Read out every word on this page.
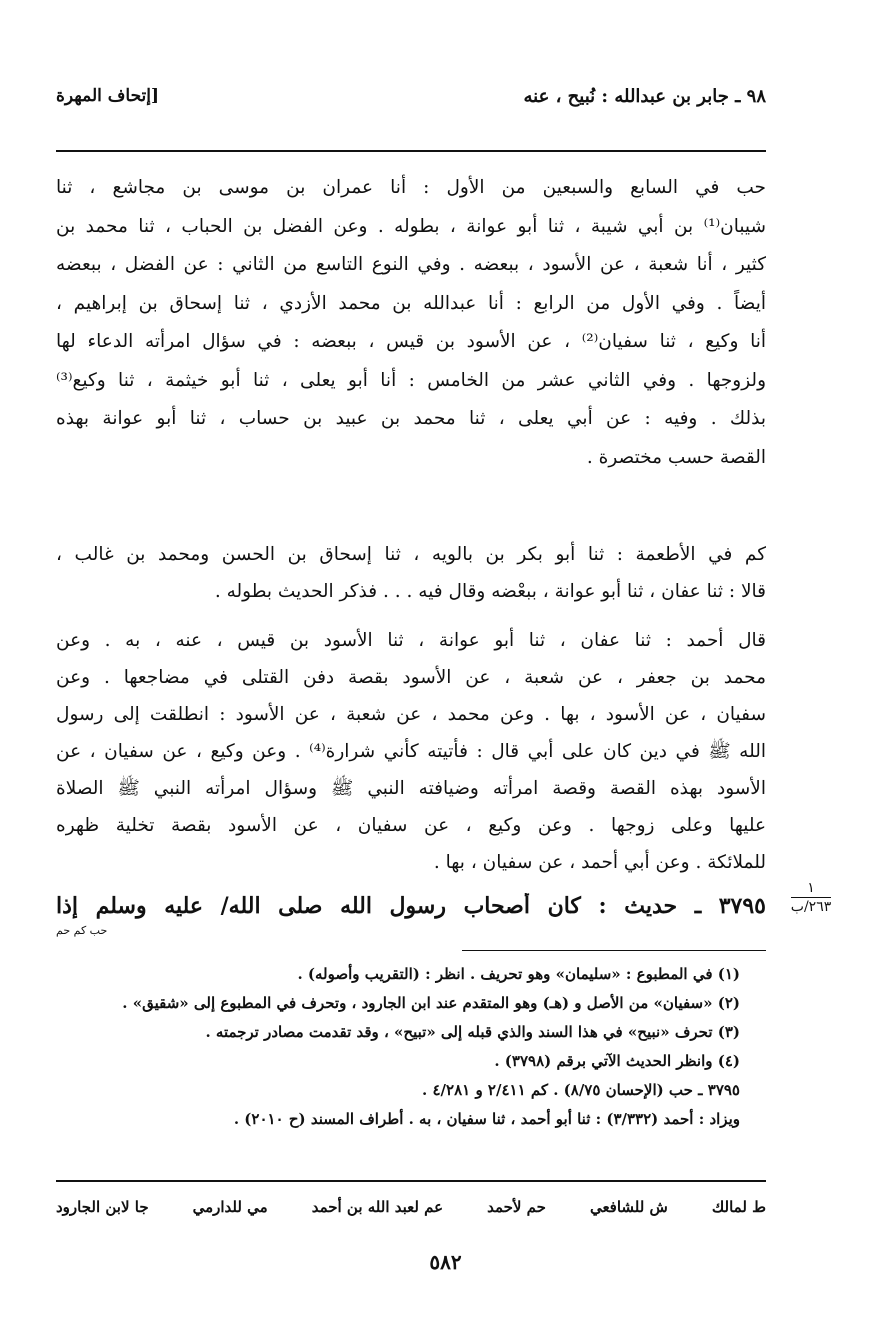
٩٨ ـ جابر بن عبدالله : نُبيح ، عنه
[إتحاف المهرة

حب في السابع والسبعين من الأول : أنا عمران بن موسى بن مجاشع ، ثنا

شيبان⁽¹⁾ بن أبي شيبة ، ثنا أبو عوانة ، بطوله . وعن الفضل بن الحباب ، ثنا محمد بن

كثير ، أنا شعبة ، عن الأسود ، ببعضه . وفي النوع التاسع من الثاني : عن الفضل ، ببعضه

أيضاً . وفي الأول من الرابع : أنا عبدالله بن محمد الأزدي ، ثنا إسحاق بن إبراهيم ،

أنا وكيع ، ثنا سفيان⁽²⁾ ، عن الأسود بن قيس ، ببعضه : في سؤال امرأته الدعاء لها

ولزوجها . وفي الثاني عشر من الخامس : أنا أبو يعلى ، ثنا أبو خيثمة ، ثنا وكيع⁽³⁾

بذلك . وفيه : عن أبي يعلى ، ثنا محمد بن عبيد بن حساب ، ثنا أبو عوانة بهذه

القصة حسب مختصرة .

كم في الأطعمة : ثنا أبو بكر بن بالويه ، ثنا إسحاق بن الحسن ومحمد بن غالب ،

قالا : ثنا عفان ، ثنا أبو عوانة ، ببعْضه وقال فيه . . . فذكر الحديث بطوله .

قال أحمد : ثنا عفان ، ثنا أبو عوانة ، ثنا الأسود بن قيس ، عنه ، به . وعن

محمد بن جعفر ، عن شعبة ، عن الأسود بقصة دفن القتلى في مضاجعها . وعن

سفيان ، عن الأسود ، بها . وعن محمد ، عن شعبة ، عن الأسود : انطلقت إلى رسول

الله ﷺ في دين كان على أبي قال : فأتيته كأني شرارة⁽⁴⁾ . وعن وكيع ، عن سفيان ، عن

الأسود بهذه القصة وقصة امرأته وضيافته النبي ﷺ وسؤال امرأته النبي ﷺ الصلاة

عليها وعلى زوجها . وعن وكيع ، عن سفيان ، عن الأسود بقصة تخلية ظهره

للملائكة . وعن أبي أحمد ، عن سفيان ، بها .

٣٧٩٥ ـ حديث : كان أصحاب رسول الله صلى الله/ عليه وسلم إذا
حب كم حم
١
٢٦٣/ب
(١) في المطبوع : «سليمان» وهو تحريف . انظر : (التقريب وأصوله) .
(٢) «سفيان» من الأصل و (هـ) وهو المتقدم عند ابن الجارود ، وتحرف في المطبوع إلى «شقيق» .
(٣) تحرف «نبيح» في هذا السند والذي قبله إلى «تبيح» ، وقد تقدمت مصادر ترجمته .
(٤) وانظر الحديث الآتي برقم (٣٧٩٨) .
٣٧٩٥ ـ حب (الإحسان ٨/٧٥) . كم ٢/٤١١ و ٤/٢٨١ .
ويزاد : أحمد (٣/٣٣٢) : ثنا أبو أحمد ، ثنا سفيان ، به . أطراف المسند (ح ٢٠١٠) .
ط لمالك
ش للشافعي
حم لأحمد
عم لعبد الله بن أحمد
مي للدارمي
جا لابن الجارود
٥٨٢
